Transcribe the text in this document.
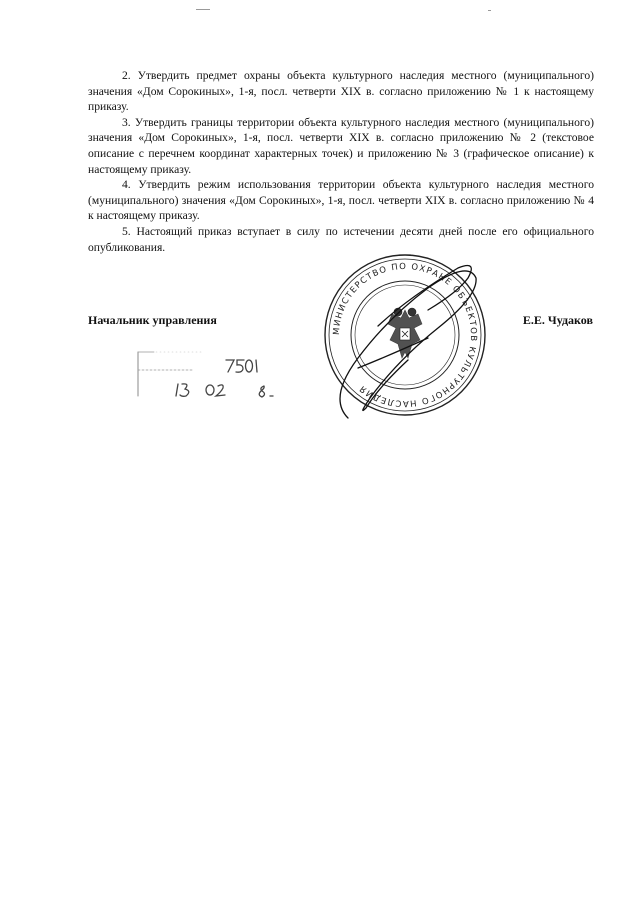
2. Утвердить предмет охраны объекта культурного наследия местного (муниципального) значения «Дом Сорокиных», 1-я, посл. четверти XIX в. согласно приложению № 1 к настоящему приказу.

3. Утвердить границы территории объекта культурного наследия местного (муниципального) значения «Дом Сорокиных», 1-я, посл. четверти XIX в. согласно приложению № 2 (текстовое описание с перечнем координат характерных точек) и приложению № 3 (графическое описание) к настоящему приказу.

4. Утвердить режим использования территории объекта культурного наследия местного (муниципального) значения «Дом Сорокиных», 1-я, посл. четверти XIX в. согласно приложению № 4 к настоящему приказу.

5. Настоящий приказ вступает в силу по истечении десяти дней после его официального опубликования.

Начальник управления	Е.Е. Чудаков
МИНИСТЕРСТВО ПО ОХРАНЕ ОБЪЕКТОВ КУЛЬТУРНОГО НАСЛЕДИЯ
